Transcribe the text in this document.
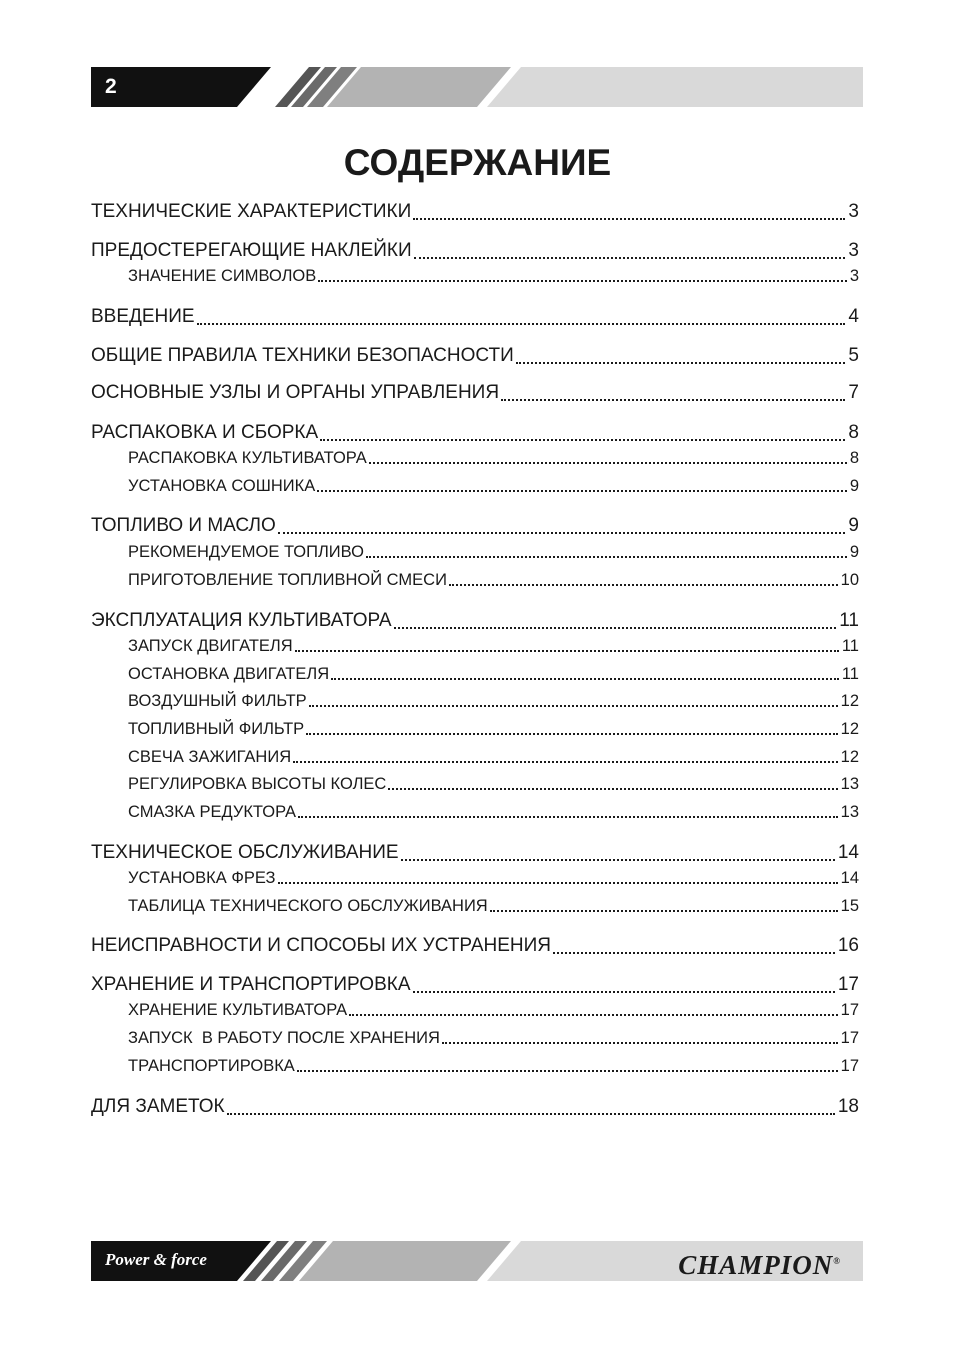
2
СОДЕРЖАНИЕ
ТЕХНИЧЕСКИЕ ХАРАКТЕРИСТИКИ	3
ПРЕДОСТЕРЕГАЮЩИЕ НАКЛЕЙКИ	3
ЗНАЧЕНИЕ СИМВОЛОВ	3
ВВЕДЕНИЕ	4
ОБЩИЕ ПРАВИЛА ТЕХНИКИ БЕЗОПАСНОСТИ	5
ОСНОВНЫЕ УЗЛЫ И ОРГАНЫ УПРАВЛЕНИЯ	7
РАСПАКОВКА И СБОРКА	8
РАСПАКОВКА КУЛЬТИВАТОРА	8
УСТАНОВКА СОШНИКА	9
ТОПЛИВО И МАСЛО	9
РЕКОМЕНДУЕМОЕ ТОПЛИВО	9
ПРИГОТОВЛЕНИЕ ТОПЛИВНОЙ СМЕСИ	10
ЭКСПЛУАТАЦИЯ КУЛЬТИВАТОРА	11
ЗАПУСК ДВИГАТЕЛЯ	11
ОСТАНОВКА ДВИГАТЕЛЯ	11
ВОЗДУШНЫЙ ФИЛЬТР	12
ТОПЛИВНЫЙ ФИЛЬТР	12
СВЕЧА ЗАЖИГАНИЯ	12
РЕГУЛИРОВКА ВЫСОТЫ КОЛЕС	13
СМАЗКА РЕДУКТОРА	13
ТЕХНИЧЕСКОЕ ОБСЛУЖИВАНИЕ	14
УСТАНОВКА ФРЕЗ	14
ТАБЛИЦА ТЕХНИЧЕСКОГО ОБСЛУЖИВАНИЯ	15
НЕИСПРАВНОСТИ И СПОСОБЫ ИХ УСТРАНЕНИЯ	16
ХРАНЕНИЕ И ТРАНСПОРТИРОВКА	17
ХРАНЕНИЕ КУЛЬТИВАТОРА	17
ЗАПУСК  В РАБОТУ ПОСЛЕ ХРАНЕНИЯ	17
ТРАНСПОРТИРОВКА	17
ДЛЯ ЗАМЕТОК	18
Power & force	CHAMPION®
